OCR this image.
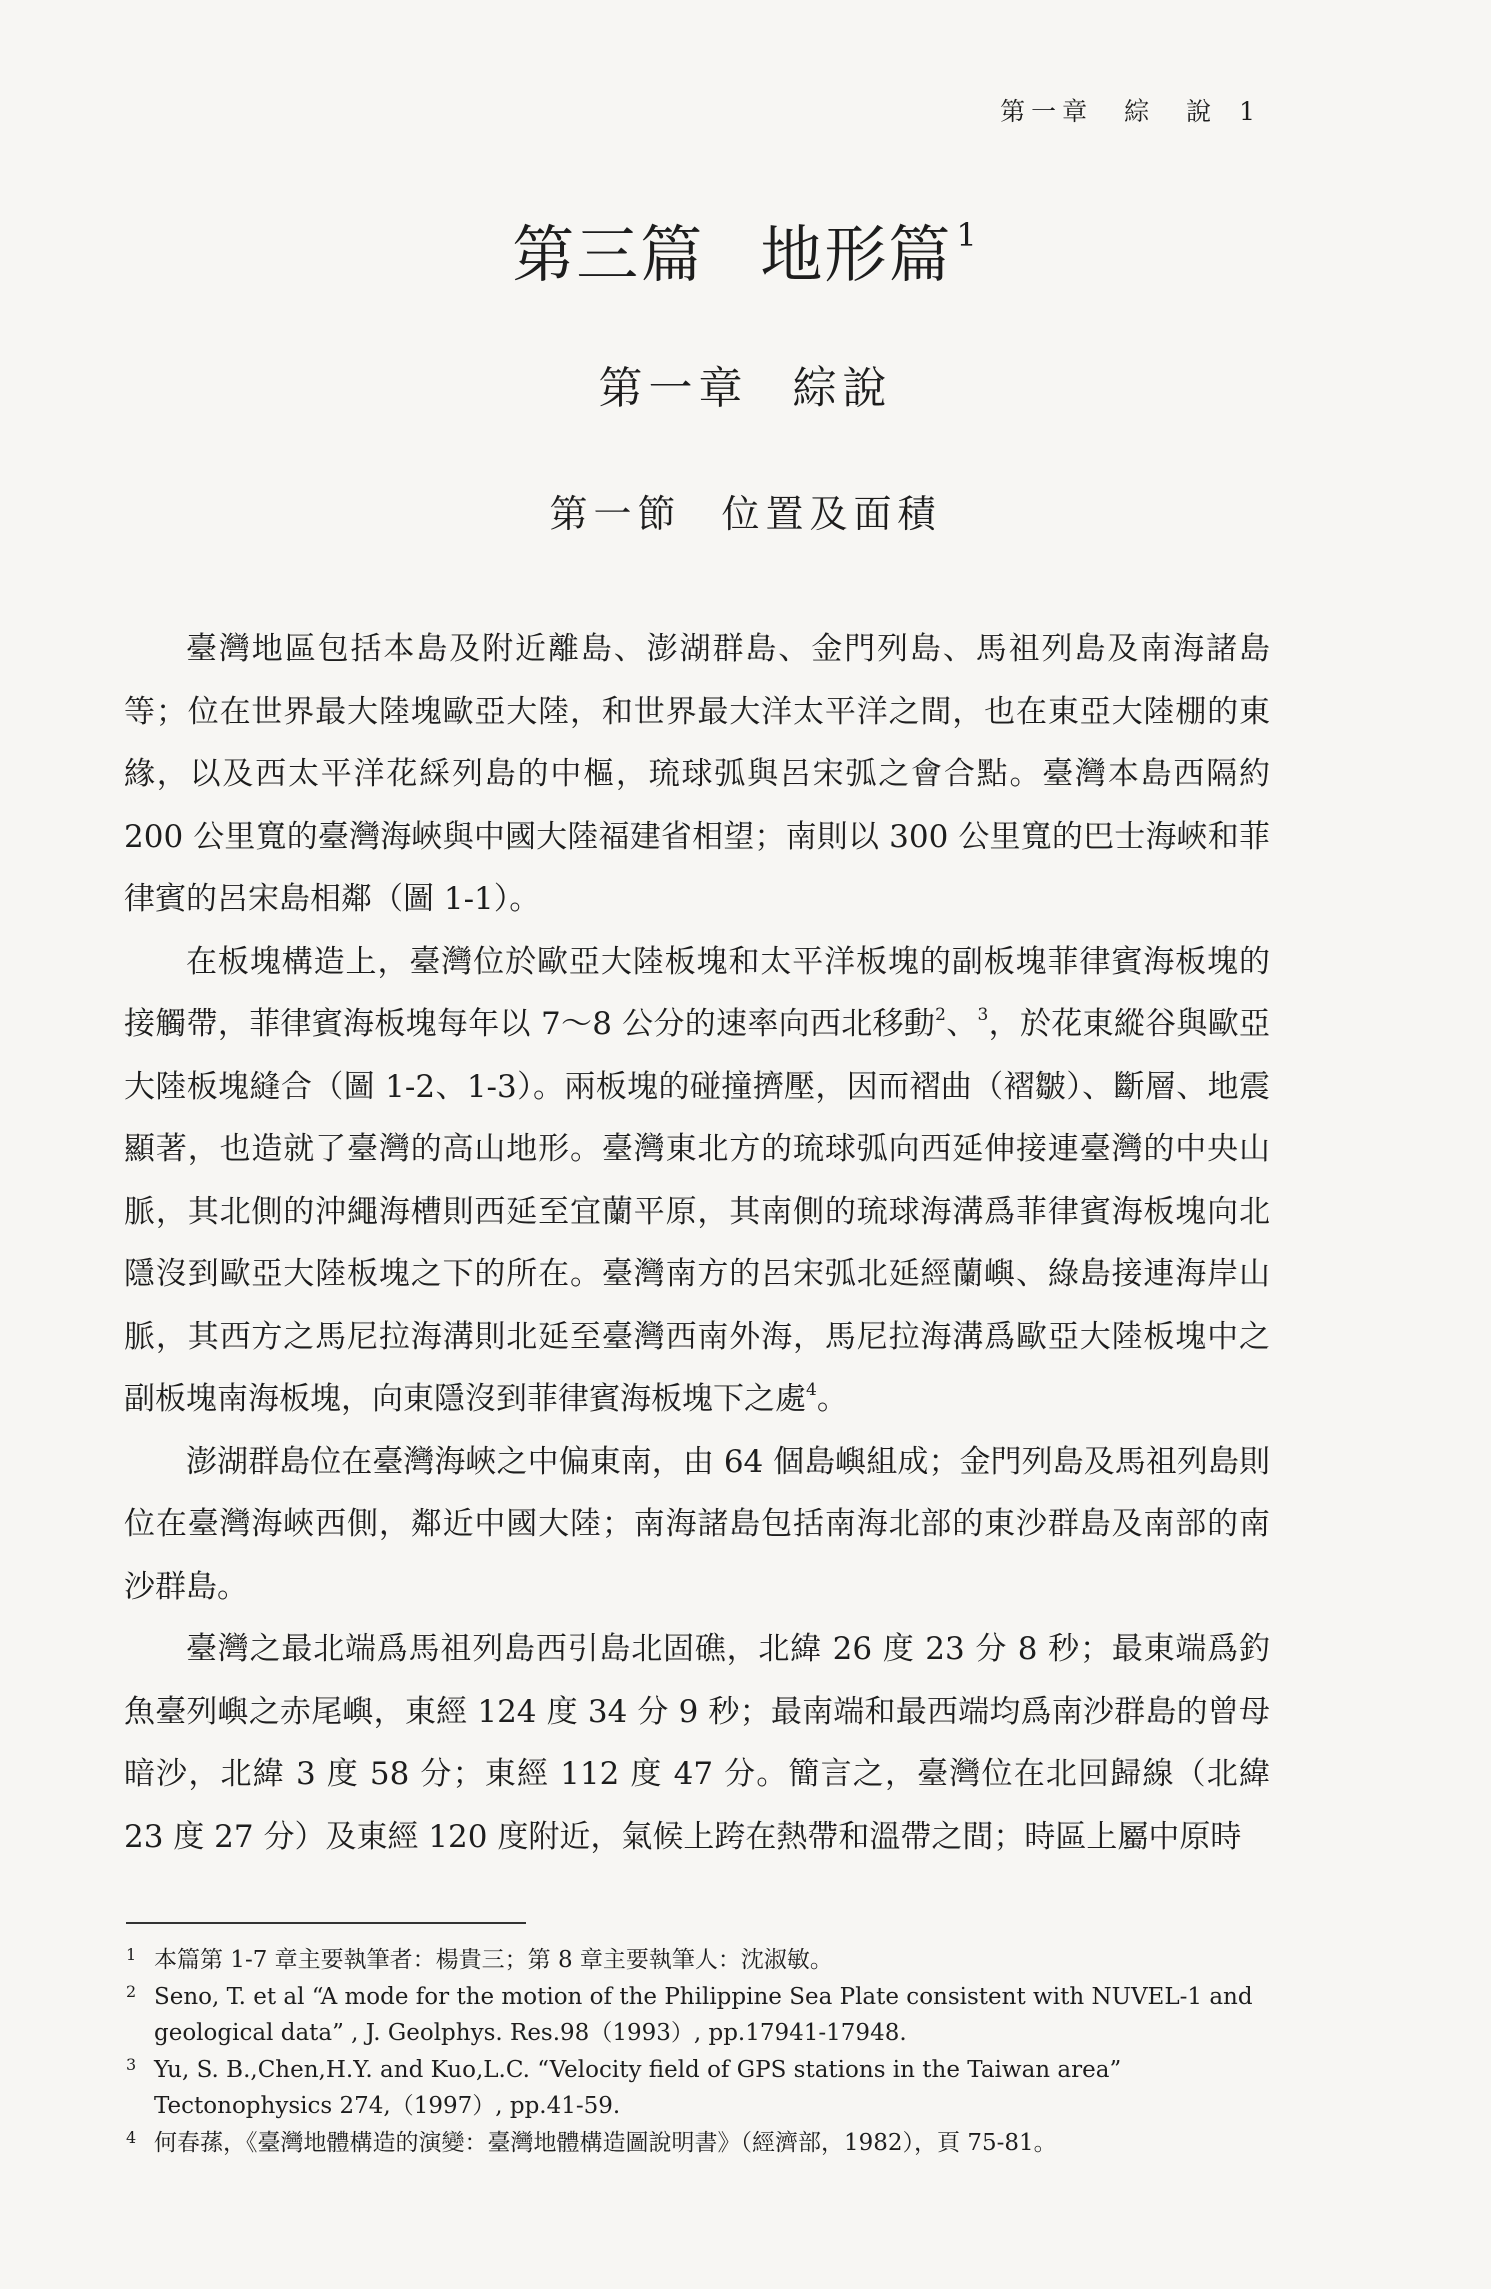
第一章　綜　說 1
第三篇 地形篇 $^1$
第一章 綜說
第一節 位置及面積

臺灣地區包括本島及附近離島、澎湖群島、金門列島、馬祖列島及南海諸島等；位在世界最大陸塊歐亞大陸，和世界最大洋太平洋之間，也在東亞大陸棚的東緣，以及西太平洋花綵列島的中樞，琉球弧與呂宋弧之會合點。臺灣本島西隔約 200 公里寬的臺灣海峽與中國大陸福建省相望；南則以 300 公里寬的巴士海峽和菲律賓的呂宋島相鄰（圖 1-1）。

在板塊構造上，臺灣位於歐亞大陸板塊和太平洋板塊的副板塊菲律賓海板塊的接觸帶，菲律賓海板塊每年以 7～8 公分的速率向西北移動$^2$、$^3$，於花東縱谷與歐亞大陸板塊縫合（圖 1-2、1-3）。兩板塊的碰撞擠壓，因而褶曲（褶皺）、斷層、地震顯著，也造就了臺灣的高山地形。臺灣東北方的琉球弧向西延伸接連臺灣的中央山脈，其北側的沖繩海槽則西延至宜蘭平原，其南側的琉球海溝爲菲律賓海板塊向北隱沒到歐亞大陸板塊之下的所在。臺灣南方的呂宋弧北延經蘭嶼、綠島接連海岸山脈，其西方之馬尼拉海溝則北延至臺灣西南外海，馬尼拉海溝爲歐亞大陸板塊中之副板塊南海板塊，向東隱沒到菲律賓海板塊下之處$^4$。

澎湖群島位在臺灣海峽之中偏東南，由 64 個島嶼組成；金門列島及馬祖列島則位在臺灣海峽西側，鄰近中國大陸；南海諸島包括南海北部的東沙群島及南部的南沙群島。

臺灣之最北端爲馬祖列島西引島北固礁，北緯 26 度 23 分 8 秒；最東端爲釣魚臺列嶼之赤尾嶼，東經 124 度 34 分 9 秒；最南端和最西端均爲南沙群島的曾母暗沙，北緯 3 度 58 分；東經 112 度 47 分。簡言之，臺灣位在北回歸線（北緯 23 度 27 分）及東經 120 度附近，氣候上跨在熱帶和溫帶之間；時區上屬中原時

1 本篇第 1-7 章主要執筆者：楊貴三；第 8 章主要執筆人：沈淑敏。
2 Seno, T. et al “A mode for the motion of the Philippine Sea Plate consistent with NUVEL-1 and geological data” , J. Geolphys. Res.98（1993）, pp.17941-17948.
3 Yu, S. B.,Chen,H.Y. and Kuo,L.C. “Velocity field of GPS stations in the Taiwan area” Tectonophysics 274,（1997）, pp.41-59.
4 何春蓀，《臺灣地體構造的演變：臺灣地體構造圖說明書》（經濟部，1982），頁 75-81。
